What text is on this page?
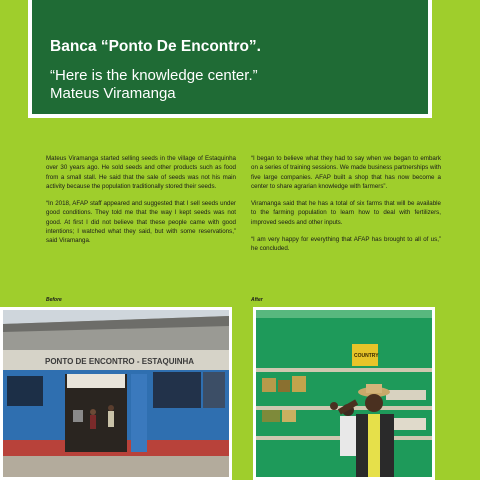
Banca “Ponto De Encontro”.
“Here is the knowledge center.”
Mateus Viramanga

Mateus Viramanga started selling seeds in the village of Estaquinha over 30 years ago. He sold seeds and other products such as food from a small stall. He said that the sale of seeds was not his main activity because the population traditionally stored their seeds.

“In 2018, AFAP staff appeared and suggested that I sell seeds under good conditions. They told me that the way I kept seeds was not good. At first I did not believe that these people came with good intentions; I watched what they said, but with some reservations,” said Viramanga.

“I began to believe what they had to say when we began to embark on a series of training sessions. We made business partnerships with five large companies. AFAP built a shop that has now become a center to share agrarian knowledge with farmers”.

Viramanga said that he has a total of six farms that will be available to the farming population to learn how to deal with fertilizers, improved seeds and other inputs.

“I am very happy for everything that AFAP has brought to all of us,” he concluded.

Before	After
PONTO DE ENCONTRO - ESTAQUINHA
COUNTRY
